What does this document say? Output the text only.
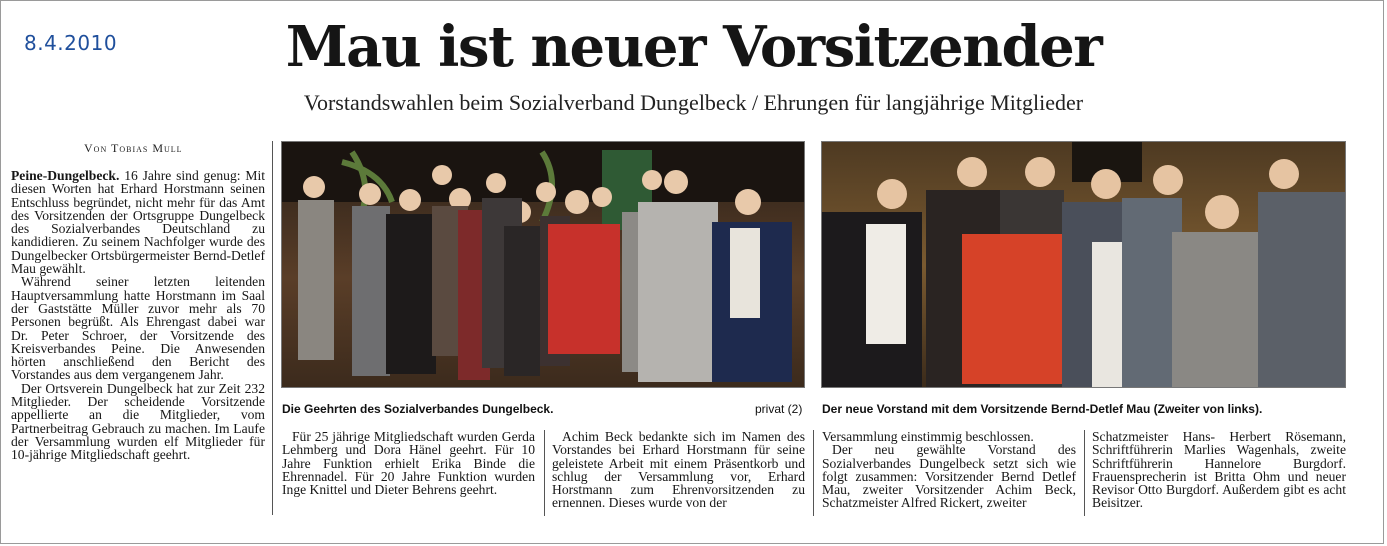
8.4.2010	Mau ist neuer Vorsitzender
Vorstandswahlen beim Sozialverband Dungelbeck / Ehrungen für langjährige Mitglieder
Von Tobias Mull

Peine-Dungelbeck. 16 Jahre sind genug: Mit diesen Worten hat Erhard Horstmann seinen Entschluss begründet, nicht mehr für das Amt des Vorsitzenden der Ortsgruppe Dungelbeck des Sozialverbandes Deutschland zu kandidieren. Zu seinem Nachfolger wurde des Dungelbecker Ortsbürgermeister Bernd-Detlef Mau gewählt.

Während seiner letzten leitenden Hauptversammlung hatte Horstmann im Saal der Gaststätte Müller zuvor mehr als 70 Personen begrüßt. Als Ehrengast dabei war Dr. Peter Schroer, der Vorsitzende des Kreisverbandes Peine. Die Anwesenden hörten anschließend den Bericht des Vorstandes aus dem vergangenem Jahr.

Der Ortsverein Dungelbeck hat zur Zeit 232 Mitglieder. Der scheidende Vorsitzende appellierte an die Mitglieder, vom Partnerbeitrag Gebrauch zu machen. Im Laufe der Versammlung wurden elf Mitglieder für 10-jährige Mitgliedschaft geehrt.

Die Geehrten des Sozialverbandes Dungelbeck.	privat (2) Der neue Vorstand mit dem Vorsitzende Bernd-Detlef Mau (Zweiter von links).

Für 25 jährige Mitgliedschaft wurden Gerda Lehmberg und Dora Hänel geehrt. Für 10 Jahre Funktion erhielt Erika Binde die Ehrennadel. Für 20 Jahre Funktion wurden Inge Knittel und Dieter Behrens geehrt.

Achim Beck bedankte sich im Namen des Vorstandes bei Erhard Horstmann für seine geleistete Arbeit mit einem Präsentkorb und schlug der Versammlung vor, Erhard Horstmann zum Ehrenvorsitzenden zu ernennen. Dieses wurde von der

Versammlung einstimmig beschlossen.

Der neu gewählte Vorstand des Sozialverbandes Dungelbeck setzt sich wie folgt zusammen: Vorsitzender Bernd Detlef Mau, zweiter Vorsitzender Achim Beck, Schatzmeister Alfred Rickert, zweiter

Schatzmeister Hans- Herbert Rösemann, Schriftführerin Marlies Wagenhals, zweite Schriftführerin Hannelore Burgdorf. Frauensprecherin ist Britta Ohm und neuer Revisor Otto Burgdorf. Außerdem gibt es acht Beisitzer.
